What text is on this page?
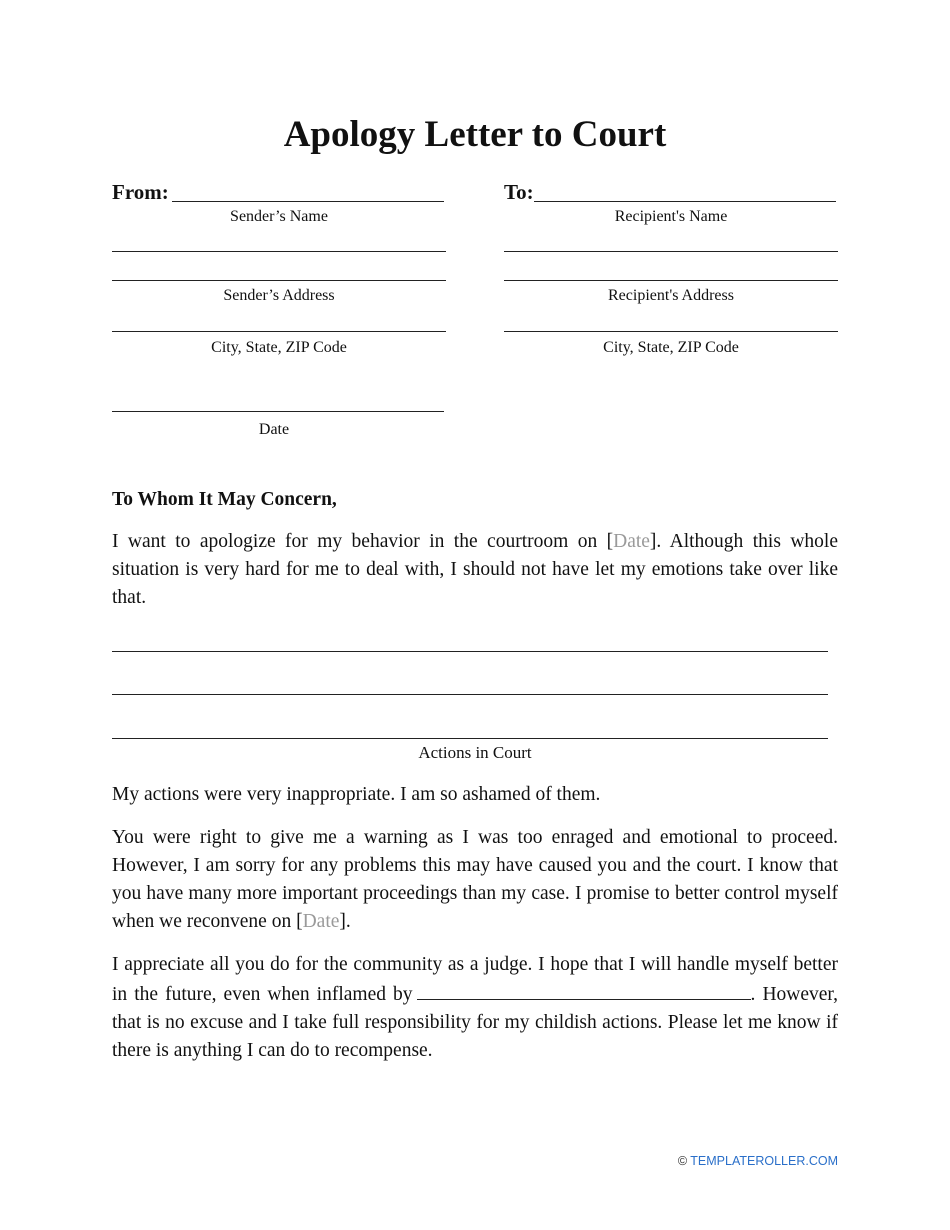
Apology Letter to Court
From:	To:
Sender’s Name	Recipient's Name
Sender’s Address	Recipient's Address
City, State, ZIP Code	City, State, ZIP Code
Date
To Whom It May Concern,
I want to apologize for my behavior in the courtroom on [Date]. Although this whole situation is very hard for me to deal with, I should not have let my emotions take over like that.
Actions in Court
My actions were very inappropriate. I am so ashamed of them.
You were right to give me a warning as I was too enraged and emotional to proceed. However, I am sorry for any problems this may have caused you and the court. I know that you have many more important proceedings than my case. I promise to better control myself when we reconvene on [Date].
I appreciate all you do for the community as a judge. I hope that I will handle myself better in the future, even when inflamed by	. However, that is no excuse and I take full responsibility for my childish actions. Please let me know if there is anything I can do to recompense.
© TEMPLATEROLLER.COM
